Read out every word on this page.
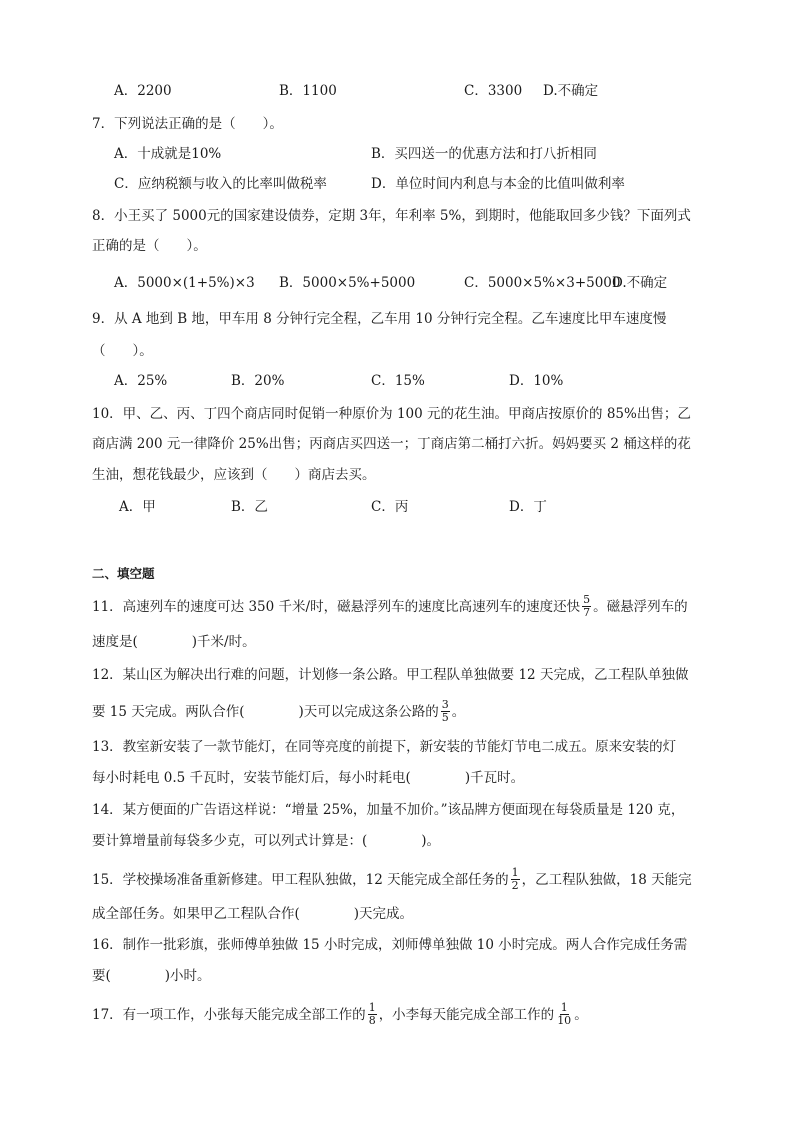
A．2200	B．1100	C．3300 D.不确定
7．下列说法正确的是（　　）。
A．十成就是10%	B．买四送一的优惠方法和打八折相同
C．应纳税额与收入的比率叫做税率	D．单位时间内利息与本金的比值叫做利率
8．小王买了 5000元的国家建设债券，定期 3年，年利率 5%，到期时，他能取回多少钱？下面列式
正确的是（　　）。
A．5000×(1+5%)×3 B．5000×5%+5000	C．5000×5%×3+5000
D.不确定
9．从 A 地到 B 地，甲车用 8 分钟行完全程，乙车用 10 分钟行完全程。乙车速度比甲车速度慢
（　　）。
A．25%	B．20%	C．15%	D．10%
10．甲、乙、丙、丁四个商店同时促销一种原价为 100 元的花生油。甲商店按原价的 85%出售；乙
商店满 200 元一律降价 25%出售；丙商店买四送一；丁商店第二桶打六折。妈妈要买 2 桶这样的花
生油，想花钱最少，应该到（　　）商店去买。
A．甲	B．乙	C．丙	D．丁
二、填空题
11．高速列车的速度可达 350 千米/时，磁悬浮列车的速度比高速列车的速度还快 $\frac{5}{7}$ 。磁悬浮列车的
速度是(　　　　)千米/时。
12．某山区为解决出行难的问题，计划修一条公路。甲工程队单独做要 12 天完成，乙工程队单独做
要 15 天完成。两队合作(　　　　)天可以完成这条公路的 $\frac{3}{5}$ 。
13．教室新安装了一款节能灯，在同等亮度的前提下，新安装的节能灯节电二成五。原来安装的灯
每小时耗电 0.5 千瓦时，安装节能灯后，每小时耗电(　　　　)千瓦时。
14．某方便面的广告语这样说：“增量 25%，加量不加价。”该品牌方便面现在每袋质量是 120 克，
要计算增量前每袋多少克，可以列式计算是：(　　　　)。
15．学校操场准备重新修建。甲工程队独做，12 天能完成全部任务的 $\frac{1}{2}$ ，乙工程队独做，18 天能完
成全部任务。如果甲乙工程队合作(　　　　)天完成。
16．制作一批彩旗，张师傅单独做 15 小时完成，刘师傅单独做 10 小时完成。两人合作完成任务需
要(　　　　)小时。
17．有一项工作，小张每天能完成全部工作的 $\frac{1}{8}$ ，小李每天能完成全部工作的 $\frac{1}{10}$ 。
